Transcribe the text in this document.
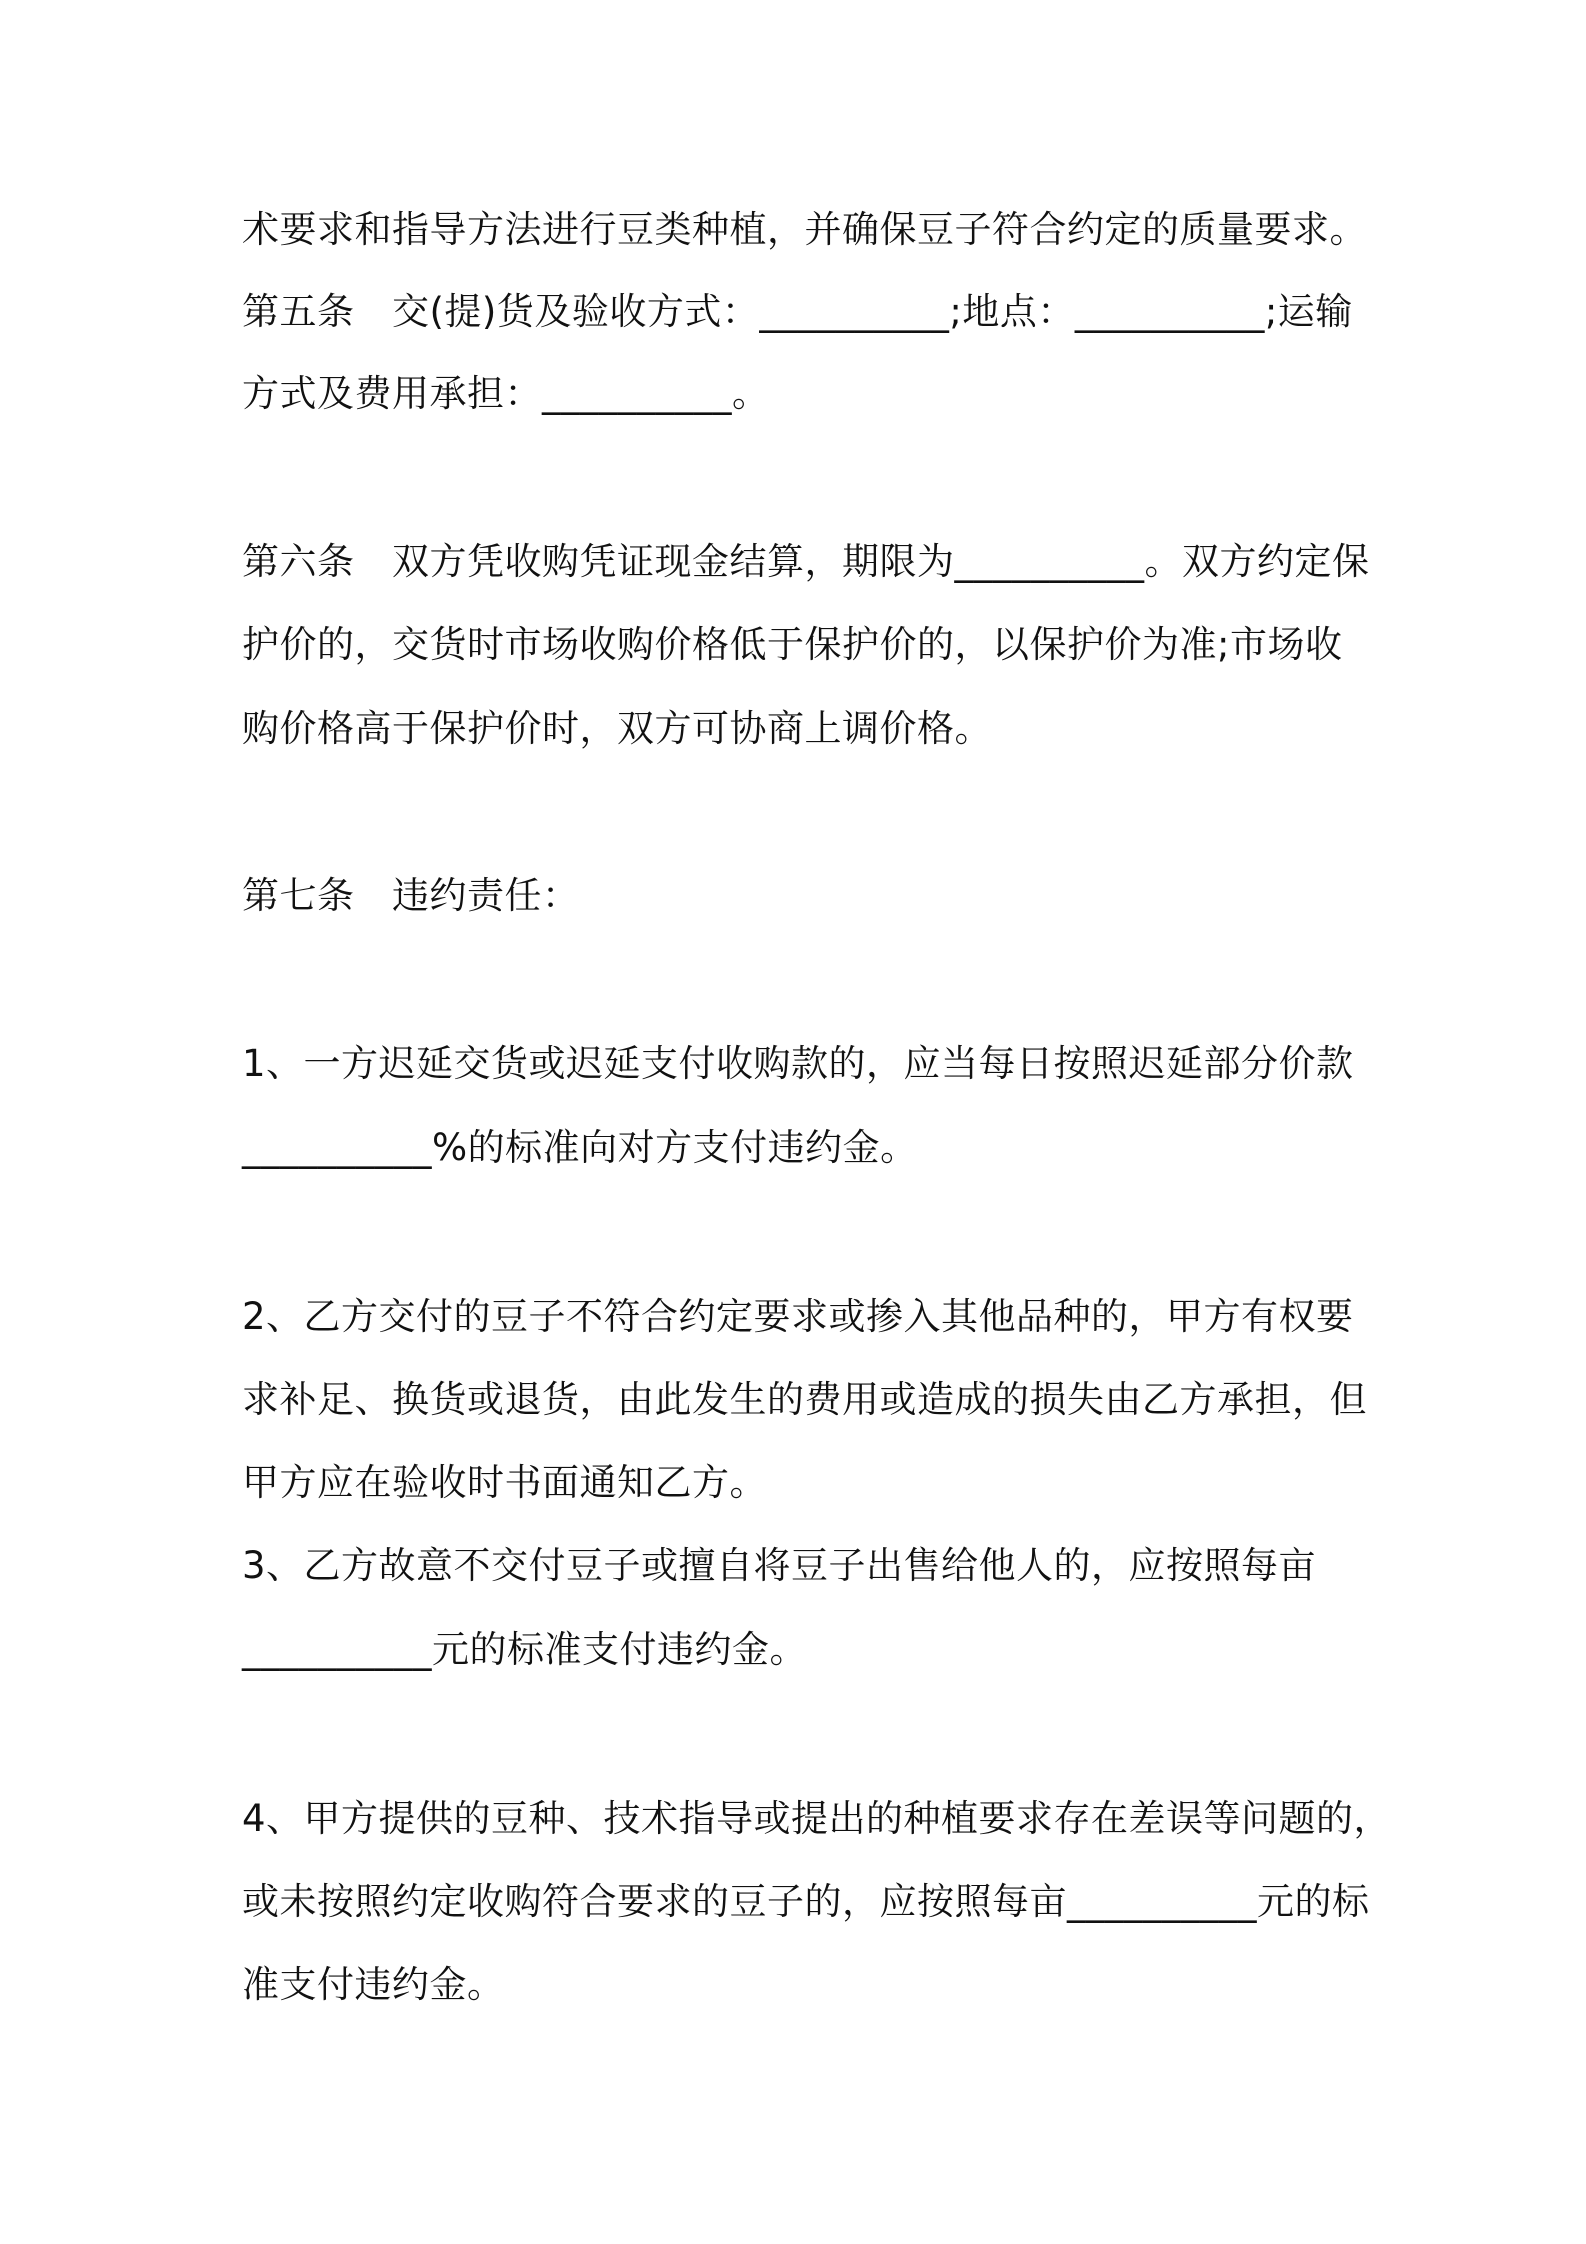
术要求和指导方法进行豆类种植，并确保豆子符合约定的质量要求。
第五条　交(提)货及验收方式：__________;地点：__________;运输
方式及费用承担：__________。
第六条　双方凭收购凭证现金结算，期限为__________。双方约定保
护价的，交货时市场收购价格低于保护价的，以保护价为准;市场收
购价格高于保护价时，双方可协商上调价格。
第七条　违约责任：
1、一方迟延交货或迟延支付收购款的，应当每日按照迟延部分价款
__________%的标准向对方支付违约金。
2、乙方交付的豆子不符合约定要求或掺入其他品种的，甲方有权要
求补足、换货或退货，由此发生的费用或造成的损失由乙方承担，但
甲方应在验收时书面通知乙方。
3、乙方故意不交付豆子或擅自将豆子出售给他人的，应按照每亩
__________元的标准支付违约金。
4、甲方提供的豆种、技术指导或提出的种植要求存在差误等问题的，
或未按照约定收购符合要求的豆子的，应按照每亩__________元的标
准支付违约金。
